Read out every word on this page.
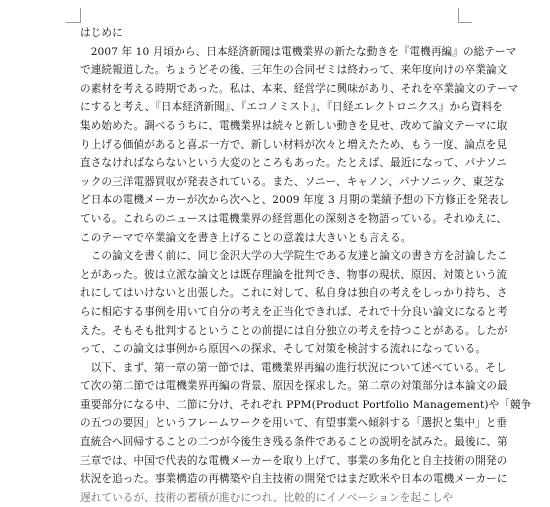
はじめに
　2007 年 10 月頃から、日本経済新聞は電機業界の新たな動きを『電機再編』の総テーマ
で連続報道した。ちょうどその後、三年生の合同ゼミは終わって、来年度向けの卒業論文
の素材を考える時期であった。私は、本来、経営学に興味があり、それを卒業論文のテーマ
にすると考え、『日本経済新聞』、『エコノミスト』、『日経エレクトロニクス』から資料を
集め始めた。調べるうちに、電機業界は続々と新しい動きを見せ、改めて論文テーマに取
り上げる価値があると喜ぶ一方で、新しい材料が次々と増えたため、もう一度、論点を見
直さなければならないという大変のところもあった。たとえば、最近になって、パナソニ
ックの三洋電器買収が発表されている。また、ソニー、キャノン、パナソニック、東芝な
ど日本の電機メーカーが次から次へと、2009 年度 3 月期の業績予想の下方修正を発表し
ている。これらのニュースは電機業界の経営悪化の深刻さを物語っている。それゆえに、
このテーマで卒業論文を書き上げることの意義は大きいとも言える。
　この論文を書く前に、同じ金沢大学の大学院生である友達と論文の書き方を討論したこ
とがあった。彼は立派な論文とは既存理論を批判でき、物事の現状、原因、対策という流
れにしてはいけないと出張した。これに対して、私自身は独自の考えをしっかり持ち、さ
らに相応する事例を用いて自分の考えを正当化できれば、それで十分良い論文になると考
えた。そもそも批判するということの前提には自分独立の考えを持つことがある。したが
って、この論文は事例から原因への探求、そして対策を検討する流れになっている。
　以下、まず、第一章の第一節では、電機業界再編の進行状況について述べている。そし
て次の第二節では電機業界再編の背景、原因を探求した。第二章の対策部分は本論文の最
重要部分になる中、二節に分け、それぞれ PPM(Product Portfolio Management)や「競争
の五つの要因」というフレームワークを用いて、有望事業へ傾斜する「選択と集中」と垂
直統合へ回帰することの二つが今後生き残る条件であることの説明を試みた。最後に、第
三章では、中国で代表的な電機メーカーを取り上げて、事業の多角化と自主技術の開発の
状況を追った。事業構造の再構築や自主技術の開発ではまだ欧米や日本の電機メーカーに
遅れているが、技術の蓄積が進むにつれ、比較的にイノベーションを起こしや
